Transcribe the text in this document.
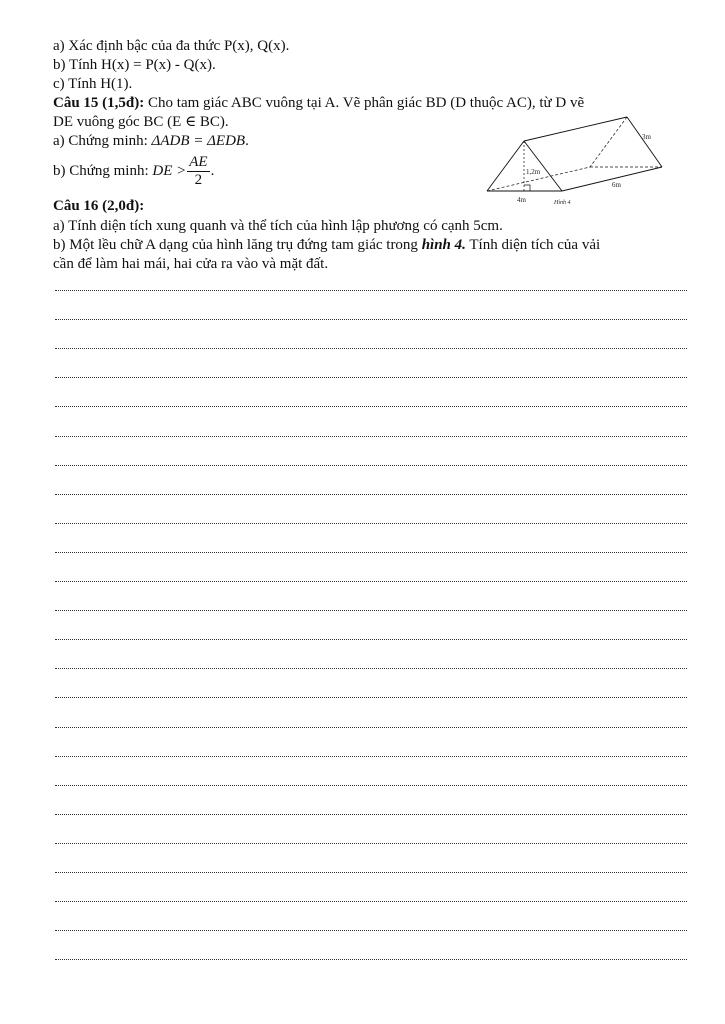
a) Xác định bậc của đa thức P(x), Q(x).
b) Tính H(x) = P(x) - Q(x).
c) Tính H(1).
Câu 15 (1,5đ): Cho tam giác ABC vuông tại A. Vẽ phân giác BD (D thuộc AC), từ D vẽ
DE vuông góc BC (E ∈ BC).
a) Chứng minh: ΔADB = ΔEDB.
b) Chứng minh: DE > $\frac{AE}{2}$ .
3m
1,2m
4m
6m
Hình 4
Câu 16 (2,0đ):
a) Tính diện tích xung quanh và thể tích của hình lập phương có cạnh 5cm.
b) Một lều chữ A dạng của hình lăng trụ đứng tam giác trong hình 4. Tính diện tích của vải
cần để làm hai mái, hai cửa ra vào và mặt đất.
